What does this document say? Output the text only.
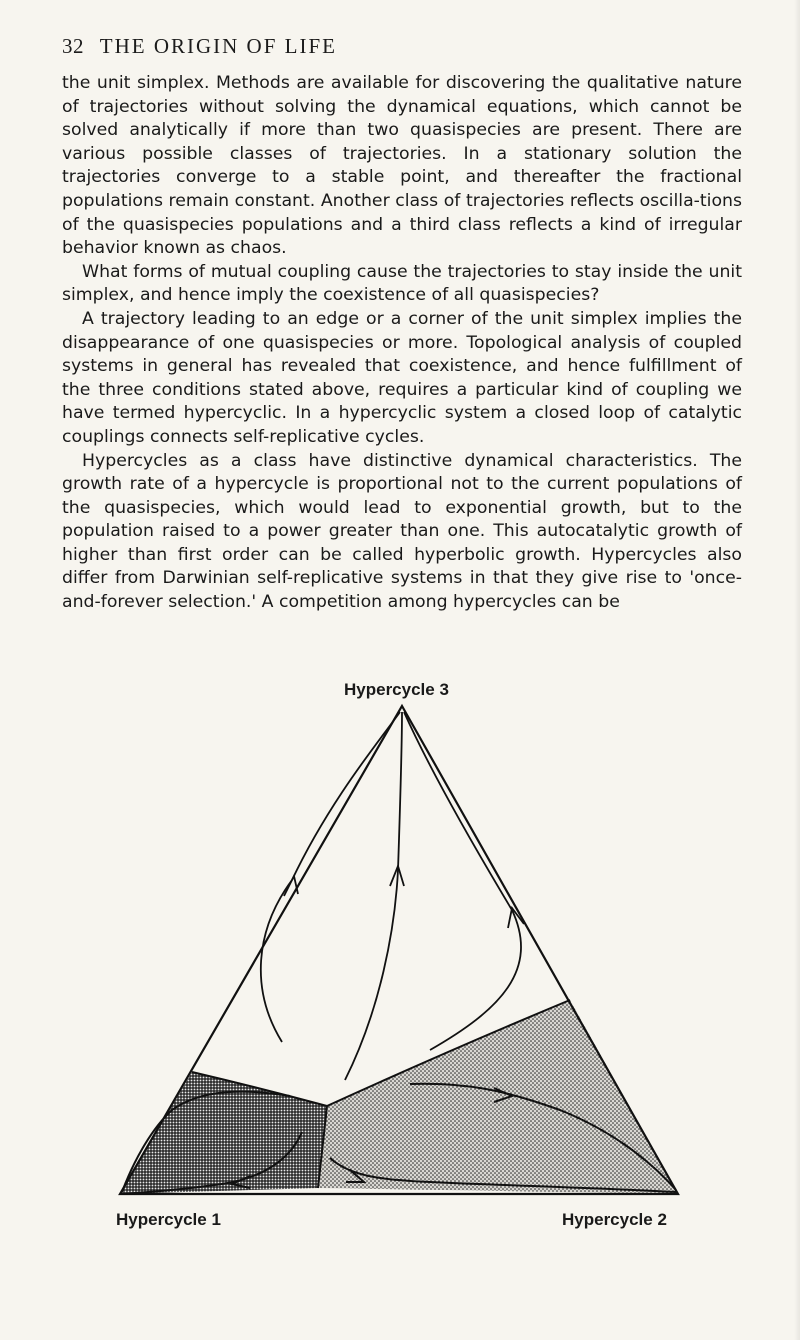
32 THE ORIGIN OF LIFE

the unit simplex. Methods are available for discovering the qualitative nature of trajectories without solving the dynamical equations, which cannot be solved analytically if more than two quasispecies are present. There are various possible classes of trajectories. In a stationary solution the trajectories converge to a stable point, and thereafter the fractional populations remain constant. Another class of trajectories reflects oscilla-tions of the quasispecies populations and a third class reflects a kind of irregular behavior known as chaos.

What forms of mutual coupling cause the trajectories to stay inside the unit simplex, and hence imply the coexistence of all quasispecies?

A trajectory leading to an edge or a corner of the unit simplex implies the disappearance of one quasispecies or more. Topological analysis of coupled systems in general has revealed that coexistence, and hence fulfillment of the three conditions stated above, requires a particular kind of coupling we have termed hypercyclic. In a hypercyclic system a closed loop of catalytic couplings connects self-replicative cycles.

Hypercycles as a class have distinctive dynamical characteristics. The growth rate of a hypercycle is proportional not to the current populations of the quasispecies, which would lead to exponential growth, but to the population raised to a power greater than one. This autocatalytic growth of higher than first order can be called hyperbolic growth. Hypercycles also differ from Darwinian self-replicative systems in that they give rise to 'once-and-forever selection.' A competition among hypercycles can be

Hypercycle 3
Hypercycle 1	Hypercycle 2
